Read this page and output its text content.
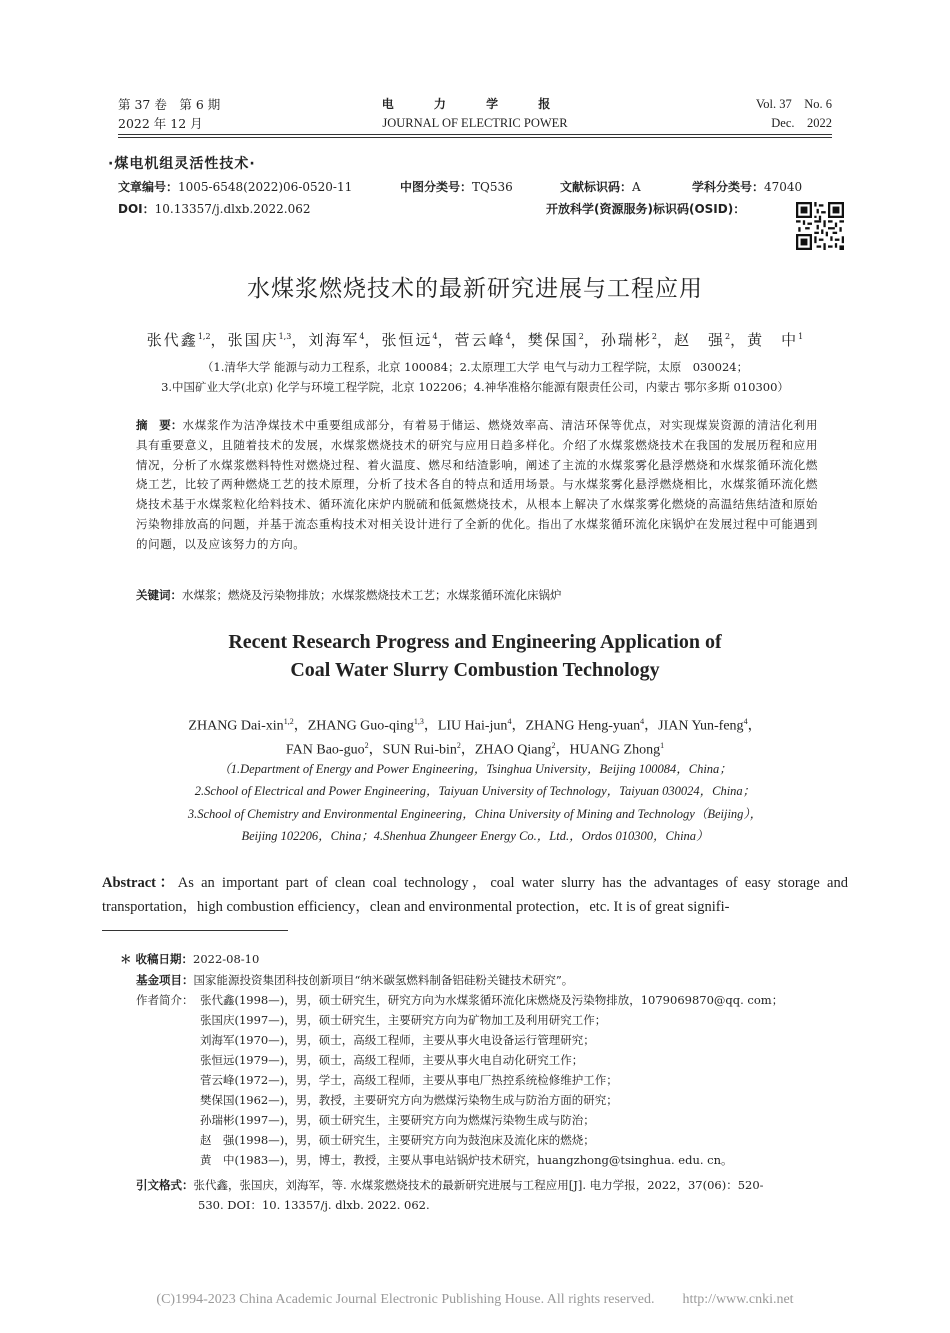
第 37 卷　第 6 期
2022 年 12 月
电 力 学 报
JOURNAL OF ELECTRIC POWER
Vol. 37　No. 6
Dec.　2022
·煤电机组灵活性技术·
文章编号：1005-6548(2022)06-0520-11	中图分类号：TQ536	文献标识码：A	学科分类号：47040
DOI：10.13357/j.dlxb.2022.062	开放科学(资源服务)标识码(OSID)：
水煤浆燃烧技术的最新研究进展与工程应用
张代鑫$^{1,2}$，张国庆$^{1,3}$，刘海军$^4$，张恒远$^4$，菅云峰$^4$，樊保国$^2$，孙瑞彬$^2$，赵　强$^2$，黄　中$^1$
（1.清华大学 能源与动力工程系，北京 100084；2.太原理工大学 电气与动力工程学院，太原　030024；
3.中国矿业大学(北京) 化学与环境工程学院，北京 102206；4.神华准格尔能源有限责任公司，内蒙古 鄂尔多斯 010300）
摘　要：水煤浆作为洁净煤技术中重要组成部分，有着易于储运、燃烧效率高、清洁环保等优点，对实现煤炭资源的清洁化利用具有重要意义，且随着技术的发展，水煤浆燃烧技术的研究与应用日趋多样化。介绍了水煤浆燃烧技术在我国的发展历程和应用情况，分析了水煤浆燃料特性对燃烧过程、着火温度、燃尽和结渣影响，阐述了主流的水煤浆雾化悬浮燃烧和水煤浆循环流化燃烧工艺，比较了两种燃烧工艺的技术原理，分析了技术各自的特点和适用场景。与水煤浆雾化悬浮燃烧相比，水煤浆循环流化燃烧技术基于水煤浆粒化给料技术、循环流化床炉内脱硫和低氮燃烧技术，从根本上解决了水煤浆雾化燃烧的高温结焦结渣和原始污染物排放高的问题，并基于流态重构技术对相关设计进行了全新的优化。指出了水煤浆循环流化床锅炉在发展过程中可能遇到的问题，以及应该努力的方向。
关键词：水煤浆；燃烧及污染物排放；水煤浆燃烧技术工艺；水煤浆循环流化床锅炉
Recent Research Progress and Engineering Application of
Coal Water Slurry Combustion Technology
ZHANG Dai-xin$^{1,2}$，ZHANG Guo-qing$^{1,3}$，LIU Hai-jun$^4$，ZHANG Heng-yuan$^4$，JIAN Yun-feng$^4$，
FAN Bao-guo$^2$，SUN Rui-bin$^2$，ZHAO Qiang$^2$，HUANG Zhong$^1$
（1.Department of Energy and Power Engineering，Tsinghua University，Beijing 100084，China；
2.School of Electrical and Power Engineering，Taiyuan University of Technology，Taiyuan 030024，China；
3.School of Chemistry and Environmental Engineering，China University of Mining and Technology（Beijing），
Beijing 102206，China；4.Shenhua Zhungeer Energy Co.，Ltd.，Ordos 010300，China）
Abstract：As an important part of clean coal technology，coal water slurry has the advantages of easy storage and transportation，high combustion efficiency，clean and environmental protection，etc. It is of great signifi-
＊ 收稿日期：2022-08-10
基金项目：国家能源投资集团科技创新项目“纳米碳氢燃料制备铝硅粉关键技术研究”。
作者简介： 张代鑫(1998—)，男，硕士研究生，研究方向为水煤浆循环流化床燃烧及污染物排放，1079069870@qq. com；
张国庆(1997—)，男，硕士研究生，主要研究方向为矿物加工及利用研究工作；
刘海军(1970—)，男，硕士，高级工程师，主要从事火电设备运行管理研究；
张恒远(1979—)，男，硕士，高级工程师，主要从事火电自动化研究工作；
菅云峰(1972—)，男，学士，高级工程师，主要从事电厂热控系统检修维护工作；
樊保国(1962—)，男，教授，主要研究方向为燃煤污染物生成与防治方面的研究；
孙瑞彬(1997—)，男，硕士研究生，主要研究方向为燃煤污染物生成与防治；
赵　强(1998—)，男，硕士研究生，主要研究方向为鼓泡床及流化床的燃烧；
黄　中(1983—)，男，博士，教授，主要从事电站锅炉技术研究，huangzhong@tsinghua. edu. cn。
引文格式：张代鑫，张国庆，刘海军，等. 水煤浆燃烧技术的最新研究进展与工程应用[J]. 电力学报，2022，37(06)：520-
530. DOI：10. 13357/j. dlxb. 2022. 062.
(C)1994-2023 China Academic Journal Electronic Publishing House. All rights reserved.　　http://www.cnki.net
